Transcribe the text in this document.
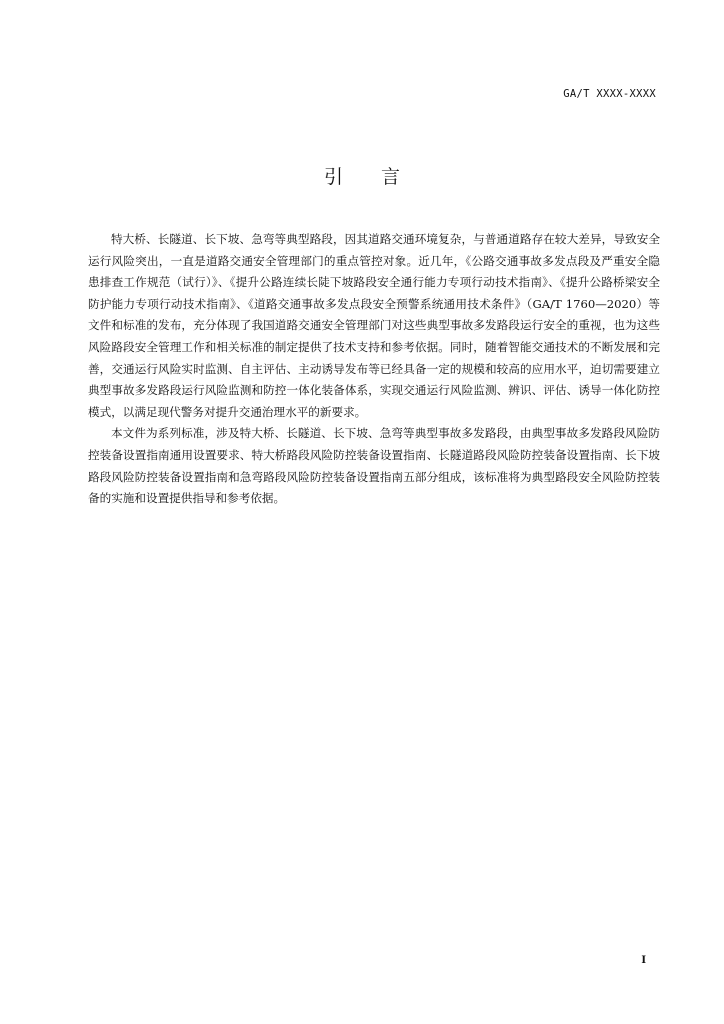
GA/T XXXX-XXXX
引言

特大桥、长隧道、长下坡、急弯等典型路段，因其道路交通环境复杂，与普通道路存在较大差异，导致安全运行风险突出，一直是道路交通安全管理部门的重点管控对象。近几年，《公路交通事故多发点段及严重安全隐患排查工作规范（试行）》、《提升公路连续长陡下坡路段安全通行能力专项行动技术指南》、《提升公路桥梁安全防护能力专项行动技术指南》、《道路交通事故多发点段安全预警系统通用技术条件》（GA/T 1760—2020）等文件和标准的发布，充分体现了我国道路交通安全管理部门对这些典型事故多发路段运行安全的重视，也为这些风险路段安全管理工作和相关标准的制定提供了技术支持和参考依据。同时，随着智能交通技术的不断发展和完善，交通运行风险实时监测、自主评估、主动诱导发布等已经具备一定的规模和较高的应用水平，迫切需要建立典型事故多发路段运行风险监测和防控一体化装备体系，实现交通运行风险监测、辨识、评估、诱导一体化防控模式，以满足现代警务对提升交通治理水平的新要求。

本文件为系列标准，涉及特大桥、长隧道、长下坡、急弯等典型事故多发路段，由典型事故多发路段风险防控装备设置指南通用设置要求、特大桥路段风险防控装备设置指南、长隧道路段风险防控装备设置指南、长下坡路段风险防控装备设置指南和急弯路段风险防控装备设置指南五部分组成，该标准将为典型路段安全风险防控装备的实施和设置提供指导和参考依据。

I
